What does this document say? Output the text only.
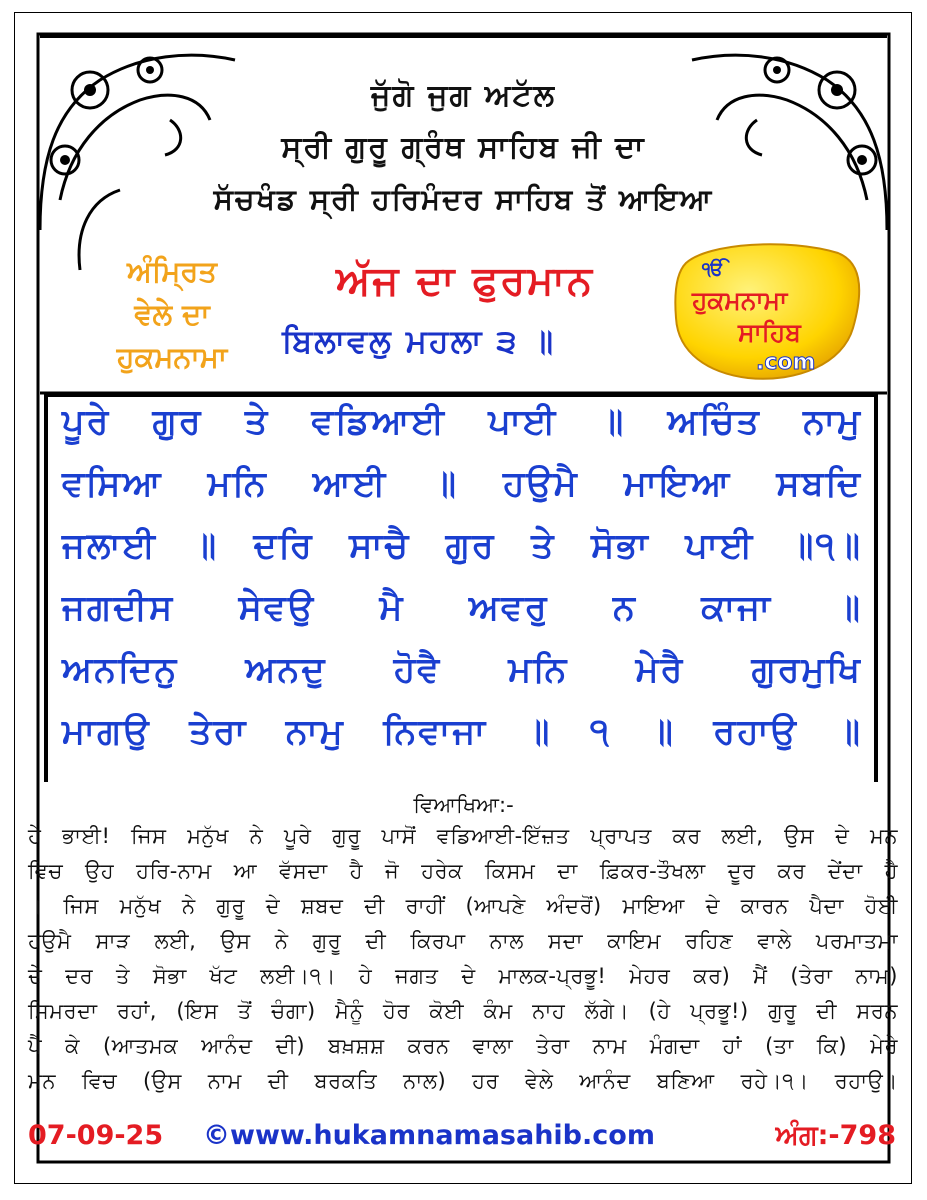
ਜੁੱਗੋ ਜੁਗ ਅਟੱਲ
ਸ੍ਰੀ ਗੁਰੂ ਗ੍ਰੰਥ ਸਾਹਿਬ ਜੀ ਦਾ
ਸੱਚਖੰਡ ਸ੍ਰੀ ਹਰਿਮੰਦਰ ਸਾਹਿਬ ਤੋਂ ਆਇਆ
ਅੰਮ੍ਰਿਤ
ਵੇਲੇ ਦਾ
ਹੁਕਮਨਾਮਾ
ਅੱਜ ਦਾ ਫੁਰਮਾਨ
ਬਿਲਾਵਲੁ ਮਹਲਾ ੩ ॥
ੴ
ਹੁਕਮਨਾਮਾ
ਸਾਹਿਬ
.com
ਪੂਰੇ ਗੁਰ ਤੇ ਵਡਿਆਈ ਪਾਈ ॥ ਅਚਿੰਤ ਨਾਮੁ
ਵਸਿਆ ਮਨਿ ਆਈ ॥ ਹਉਮੈ ਮਾਇਆ ਸਬਦਿ
ਜਲਾਈ ॥ ਦਰਿ ਸਾਚੈ ਗੁਰ ਤੇ ਸੋਭਾ ਪਾਈ ॥੧॥
ਜਗਦੀਸ ਸੇਵਉ ਮੈ ਅਵਰੁ ਨ ਕਾਜਾ ॥
ਅਨਦਿਨੁ ਅਨਦੁ ਹੋਵੈ ਮਨਿ ਮੇਰੈ ਗੁਰਮੁਖਿ
ਮਾਗਉ ਤੇਰਾ ਨਾਮੁ ਨਿਵਾਜਾ ॥ ੧ ॥ ਰਹਾਉ ॥
ਵਿਆਖਿਆ:-
ਹੇ ਭਾਈ! ਜਿਸ ਮਨੁੱਖ ਨੇ ਪੂਰੇ ਗੁਰੂ ਪਾਸੋਂ ਵਡਿਆਈ-ਇੱਜ਼ਤ ਪ੍ਰਾਪਤ ਕਰ ਲਈ, ਉਸ ਦੇ ਮਨ
ਵਿਚ ਉਹ ਹਰਿ-ਨਾਮ ਆ ਵੱਸਦਾ ਹੈ ਜੋ ਹਰੇਕ ਕਿਸਮ ਦਾ ਫ਼ਿਕਰ-ਤੌਖਲਾ ਦੂਰ ਕਰ ਦੇਂਦਾ ਹੈ
। ਜਿਸ ਮਨੁੱਖ ਨੇ ਗੁਰੂ ਦੇ ਸ਼ਬਦ ਦੀ ਰਾਹੀਂ (ਆਪਣੇ ਅੰਦਰੋਂ) ਮਾਇਆ ਦੇ ਕਾਰਨ ਪੈਦਾ ਹੋਈ
ਹਉਮੈ ਸਾੜ ਲਈ, ਉਸ ਨੇ ਗੁਰੂ ਦੀ ਕਿਰਪਾ ਨਾਲ ਸਦਾ ਕਾਇਮ ਰਹਿਣ ਵਾਲੇ ਪਰਮਾਤਮਾ
ਦੇ ਦਰ ਤੇ ਸੋਭਾ ਖੱਟ ਲਈ।੧। ਹੇ ਜਗਤ ਦੇ ਮਾਲਕ-ਪ੍ਰਭੂ! ਮੇਹਰ ਕਰ) ਮੈਂ (ਤੇਰਾ ਨਾਮ)
ਸਿਮਰਦਾ ਰਹਾਂ, (ਇਸ ਤੋਂ ਚੰਗਾ) ਮੈਨੂੰ ਹੋਰ ਕੋਈ ਕੰਮ ਨਾਹ ਲੱਗੇ। (ਹੇ ਪ੍ਰਭੂ!) ਗੁਰੂ ਦੀ ਸਰਨ
ਪੈ ਕੇ (ਆਤਮਕ ਆਨੰਦ ਦੀ) ਬਖ਼ਸ਼ਸ਼ ਕਰਨ ਵਾਲਾ ਤੇਰਾ ਨਾਮ ਮੰਗਦਾ ਹਾਂ (ਤਾ ਕਿ) ਮੇਰੇ
ਮਨ ਵਿਚ (ਉਸ ਨਾਮ ਦੀ ਬਰਕਤਿ ਨਾਲ) ਹਰ ਵੇਲੇ ਆਨੰਦ ਬਣਿਆ ਰਹੇ।੧। ਰਹਾਉ।
07-09-25 ©www.hukamnamasahib.com	ਅੰਗ:-798
